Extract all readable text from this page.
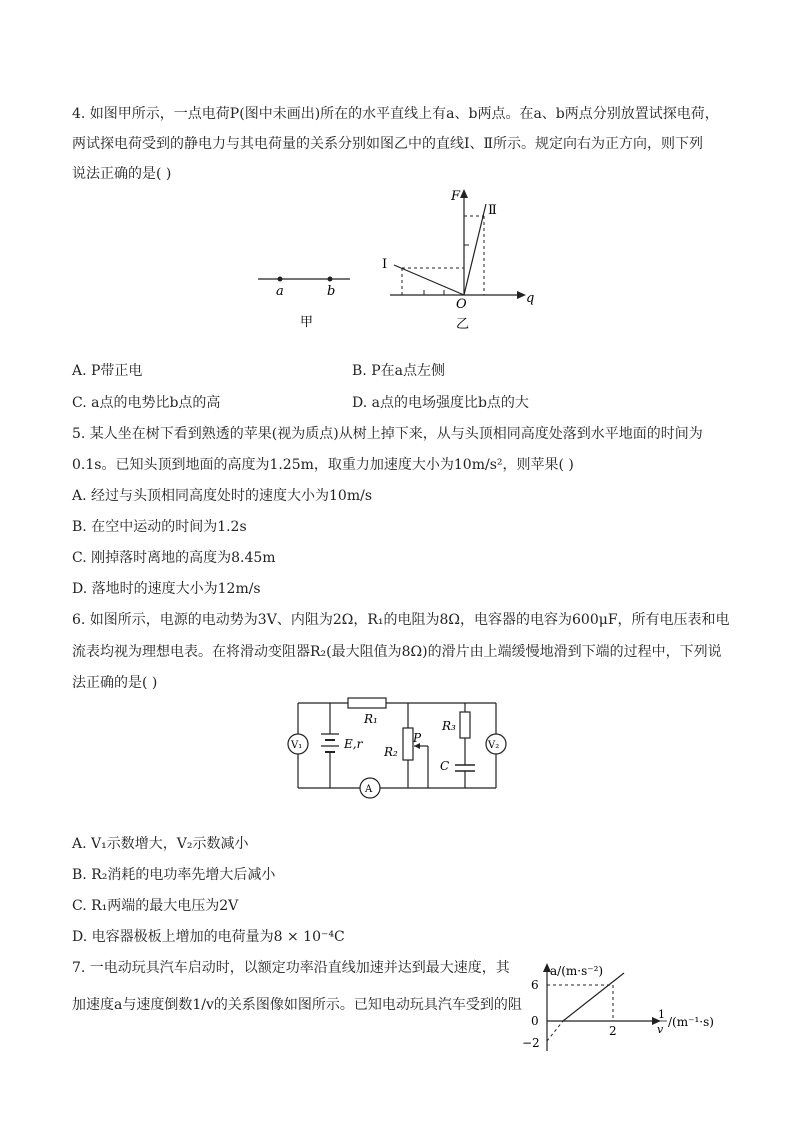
4. 如图甲所示，一点电荷P(图中未画出)所在的水平直线上有a、b两点。在a、b两点分别放置试探电荷，
两试探电荷受到的静电力与其电荷量的关系分别如图乙中的直线Ⅰ、Ⅱ所示。规定向右为正方向，则下列
说法正确的是( )
a	b
甲
F
q
O
Ⅰ
Ⅱ
乙
A. P带正电	B. P在a点左侧
C. a点的电势比b点的高	D. a点的电场强度比b点的大
5. 某人坐在树下看到熟透的苹果(视为质点)从树上掉下来，从与头顶相同高度处落到水平地面的时间为
0.1s。已知头顶到地面的高度为1.25m，取重力加速度大小为10m/s²，则苹果( )
A. 经过与头顶相同高度处时的速度大小为10m/s
B. 在空中运动的时间为1.2s
C. 刚掉落时离地的高度为8.45m
D. 落地时的速度大小为12m/s
6. 如图所示，电源的电动势为3V、内阻为2Ω，R₁的电阻为8Ω，电容器的电容为600μF，所有电压表和电
流表均视为理想电表。在将滑动变阻器R₂(最大阻值为8Ω)的滑片由上端缓慢地滑到下端的过程中，下列说
法正确的是( )
V₁	V₂
A
R₁
R₂
R₃
P
C
E,r
A. V₁示数增大，V₂示数减小
B. R₂消耗的电功率先增大后减小
C. R₁两端的最大电压为2V
D. 电容器极板上增加的电荷量为8 × 10⁻⁴C
7. 一电动玩具汽车启动时，以额定功率沿直线加速并达到最大速度，其
加速度a与速度倒数1/v的关系图像如图所示。已知电动玩具汽车受到的阻
a/(m·s⁻²)
6
0
−2
2
1
v
/(m⁻¹·s)
